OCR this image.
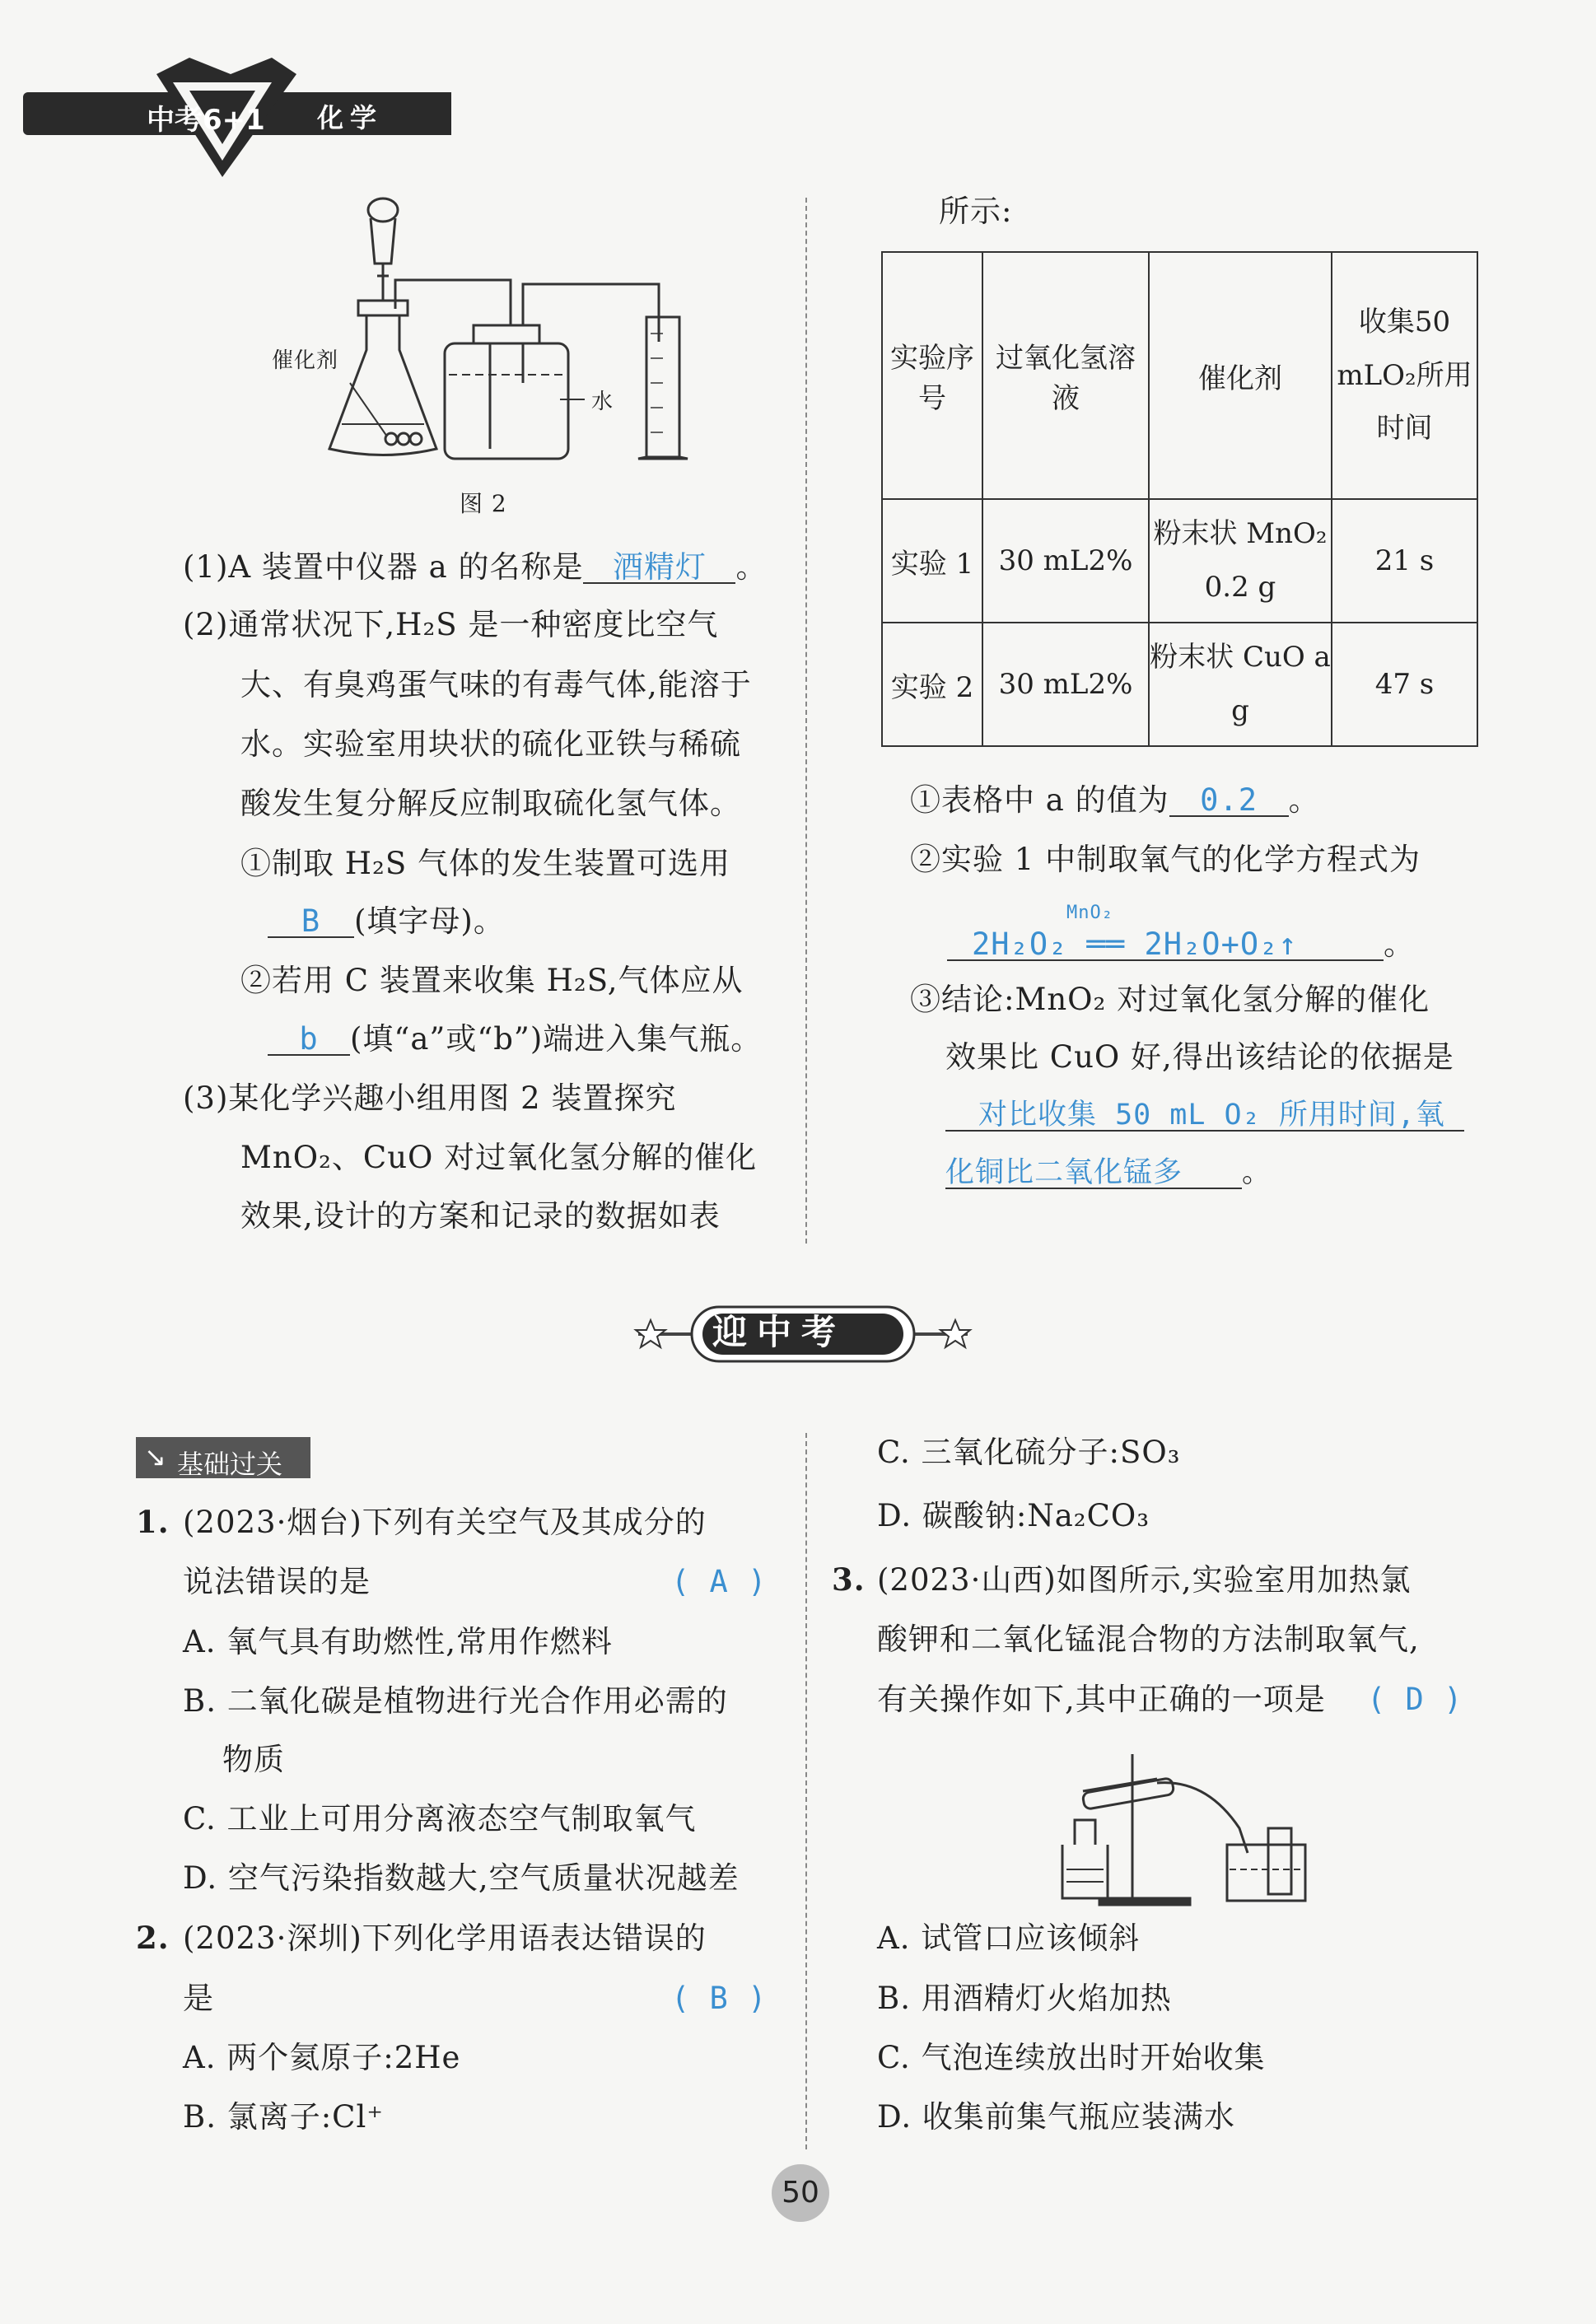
中考6+1 化学
催化剂
水
图 2
(1)A 装置中仪器 a 的名称是 酒精灯 。
(2)通常状况下,H₂S 是一种密度比空气
大、有臭鸡蛋气味的有毒气体,能溶于
水。实验室用块状的硫化亚铁与稀硫
酸发生复分解反应制取硫化氢气体。
①制取 H₂S 气体的发生装置可选用
B (填字母)。
②若用 C 装置来收集 H₂S,气体应从
b (填“a”或“b”)端进入集气瓶。
(3)某化学兴趣小组用图 2 装置探究
MnO₂、CuO 对过氧化氢分解的催化
效果,设计的方案和记录的数据如表
所示:
实验序号	过氧化氢溶液	催化剂	收集50 mLO₂所用时间
实验 1	30 mL2%	粉末状 MnO₂ 0.2 g	21 s
实验 2	30 mL2%	粉末状 CuO a g	47 s
①表格中 a 的值为 0.2 。
②实验 1 中制取氧气的化学方程式为
MnO₂
2H₂O₂ ══ 2H₂O+O₂↑	。
③结论:MnO₂ 对过氧化氢分解的催化
效果比 CuO 好,得出该结论的依据是
对比收集 50 mL O₂ 所用时间,氧
化铜比二氧化锰多 。
迎中考
↘ 基础过关
1. (2023·烟台)下列有关空气及其成分的
说法错误的是	( A )
A. 氧气具有助燃性,常用作燃料
B. 二氧化碳是植物进行光合作用必需的
物质
C. 工业上可用分离液态空气制取氧气
D. 空气污染指数越大,空气质量状况越差
2. (2023·深圳)下列化学用语表达错误的
是	( B )
A. 两个氦原子:2He
B. 氯离子:Cl⁺
C. 三氧化硫分子:SO₃
D. 碳酸钠:Na₂CO₃
3. (2023·山西)如图所示,实验室用加热氯
酸钾和二氧化锰混合物的方法制取氧气,
有关操作如下,其中正确的一项是 ( D )
A. 试管口应该倾斜
B. 用酒精灯火焰加热
C. 气泡连续放出时开始收集
D. 收集前集气瓶应装满水
50
